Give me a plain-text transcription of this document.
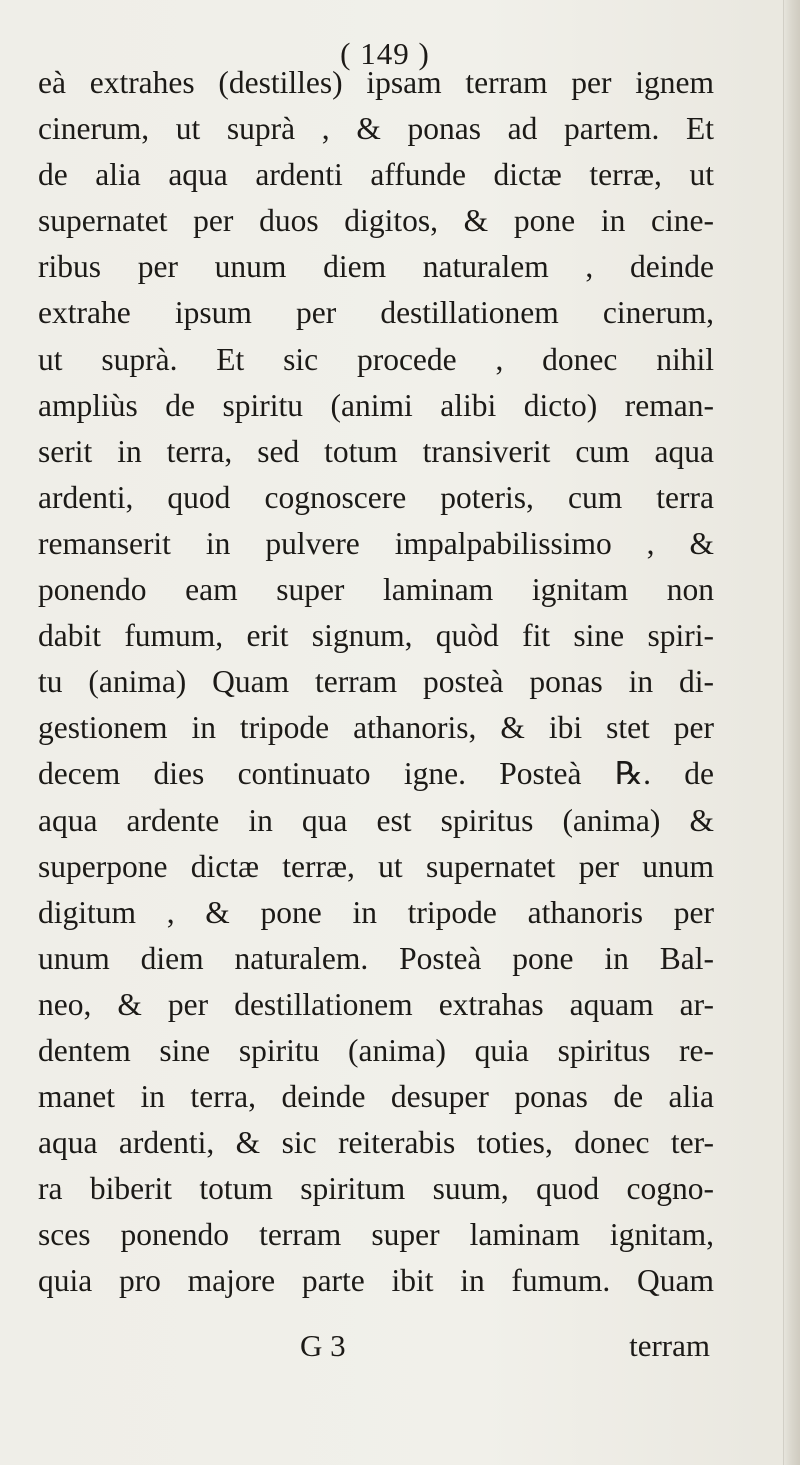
( 149 )
eà extrahes (destilles) ipsam terram per ignem
cinerum, ut suprà , & ponas ad partem. Et
de alia aqua ardenti affunde dictæ terræ, ut
supernatet per duos digitos, & pone in cine-
ribus per unum diem naturalem , deinde
extrahe ipsum per destillationem cinerum,
ut suprà. Et sic procede , donec nihil
ampliùs de spiritu (animi alibi dicto) reman-
serit in terra, sed totum transiverit cum aqua
ardenti, quod cognoscere poteris, cum terra
remanserit in pulvere impalpabilissimo , &
ponendo eam super laminam ignitam non
dabit fumum, erit signum, quòd fit sine spiri-
tu (anima) Quam terram posteà ponas in di-
gestionem in tripode athanoris, & ibi stet per
decem dies continuato igne. Posteà ℞. de
aqua ardente in qua est spiritus (anima) &
superpone dictæ terræ, ut supernatet per unum
digitum , & pone in tripode athanoris per
unum diem naturalem. Posteà pone in Bal-
neo, & per destillationem extrahas aquam ar-
dentem sine spiritu (anima) quia spiritus re-
manet in terra, deinde desuper ponas de alia
aqua ardenti, & sic reiterabis toties, donec ter-
ra biberit totum spiritum suum, quod cogno-
sces ponendo terram super laminam ignitam,
quia pro majore parte ibit in fumum. Quam
G 3	terram
